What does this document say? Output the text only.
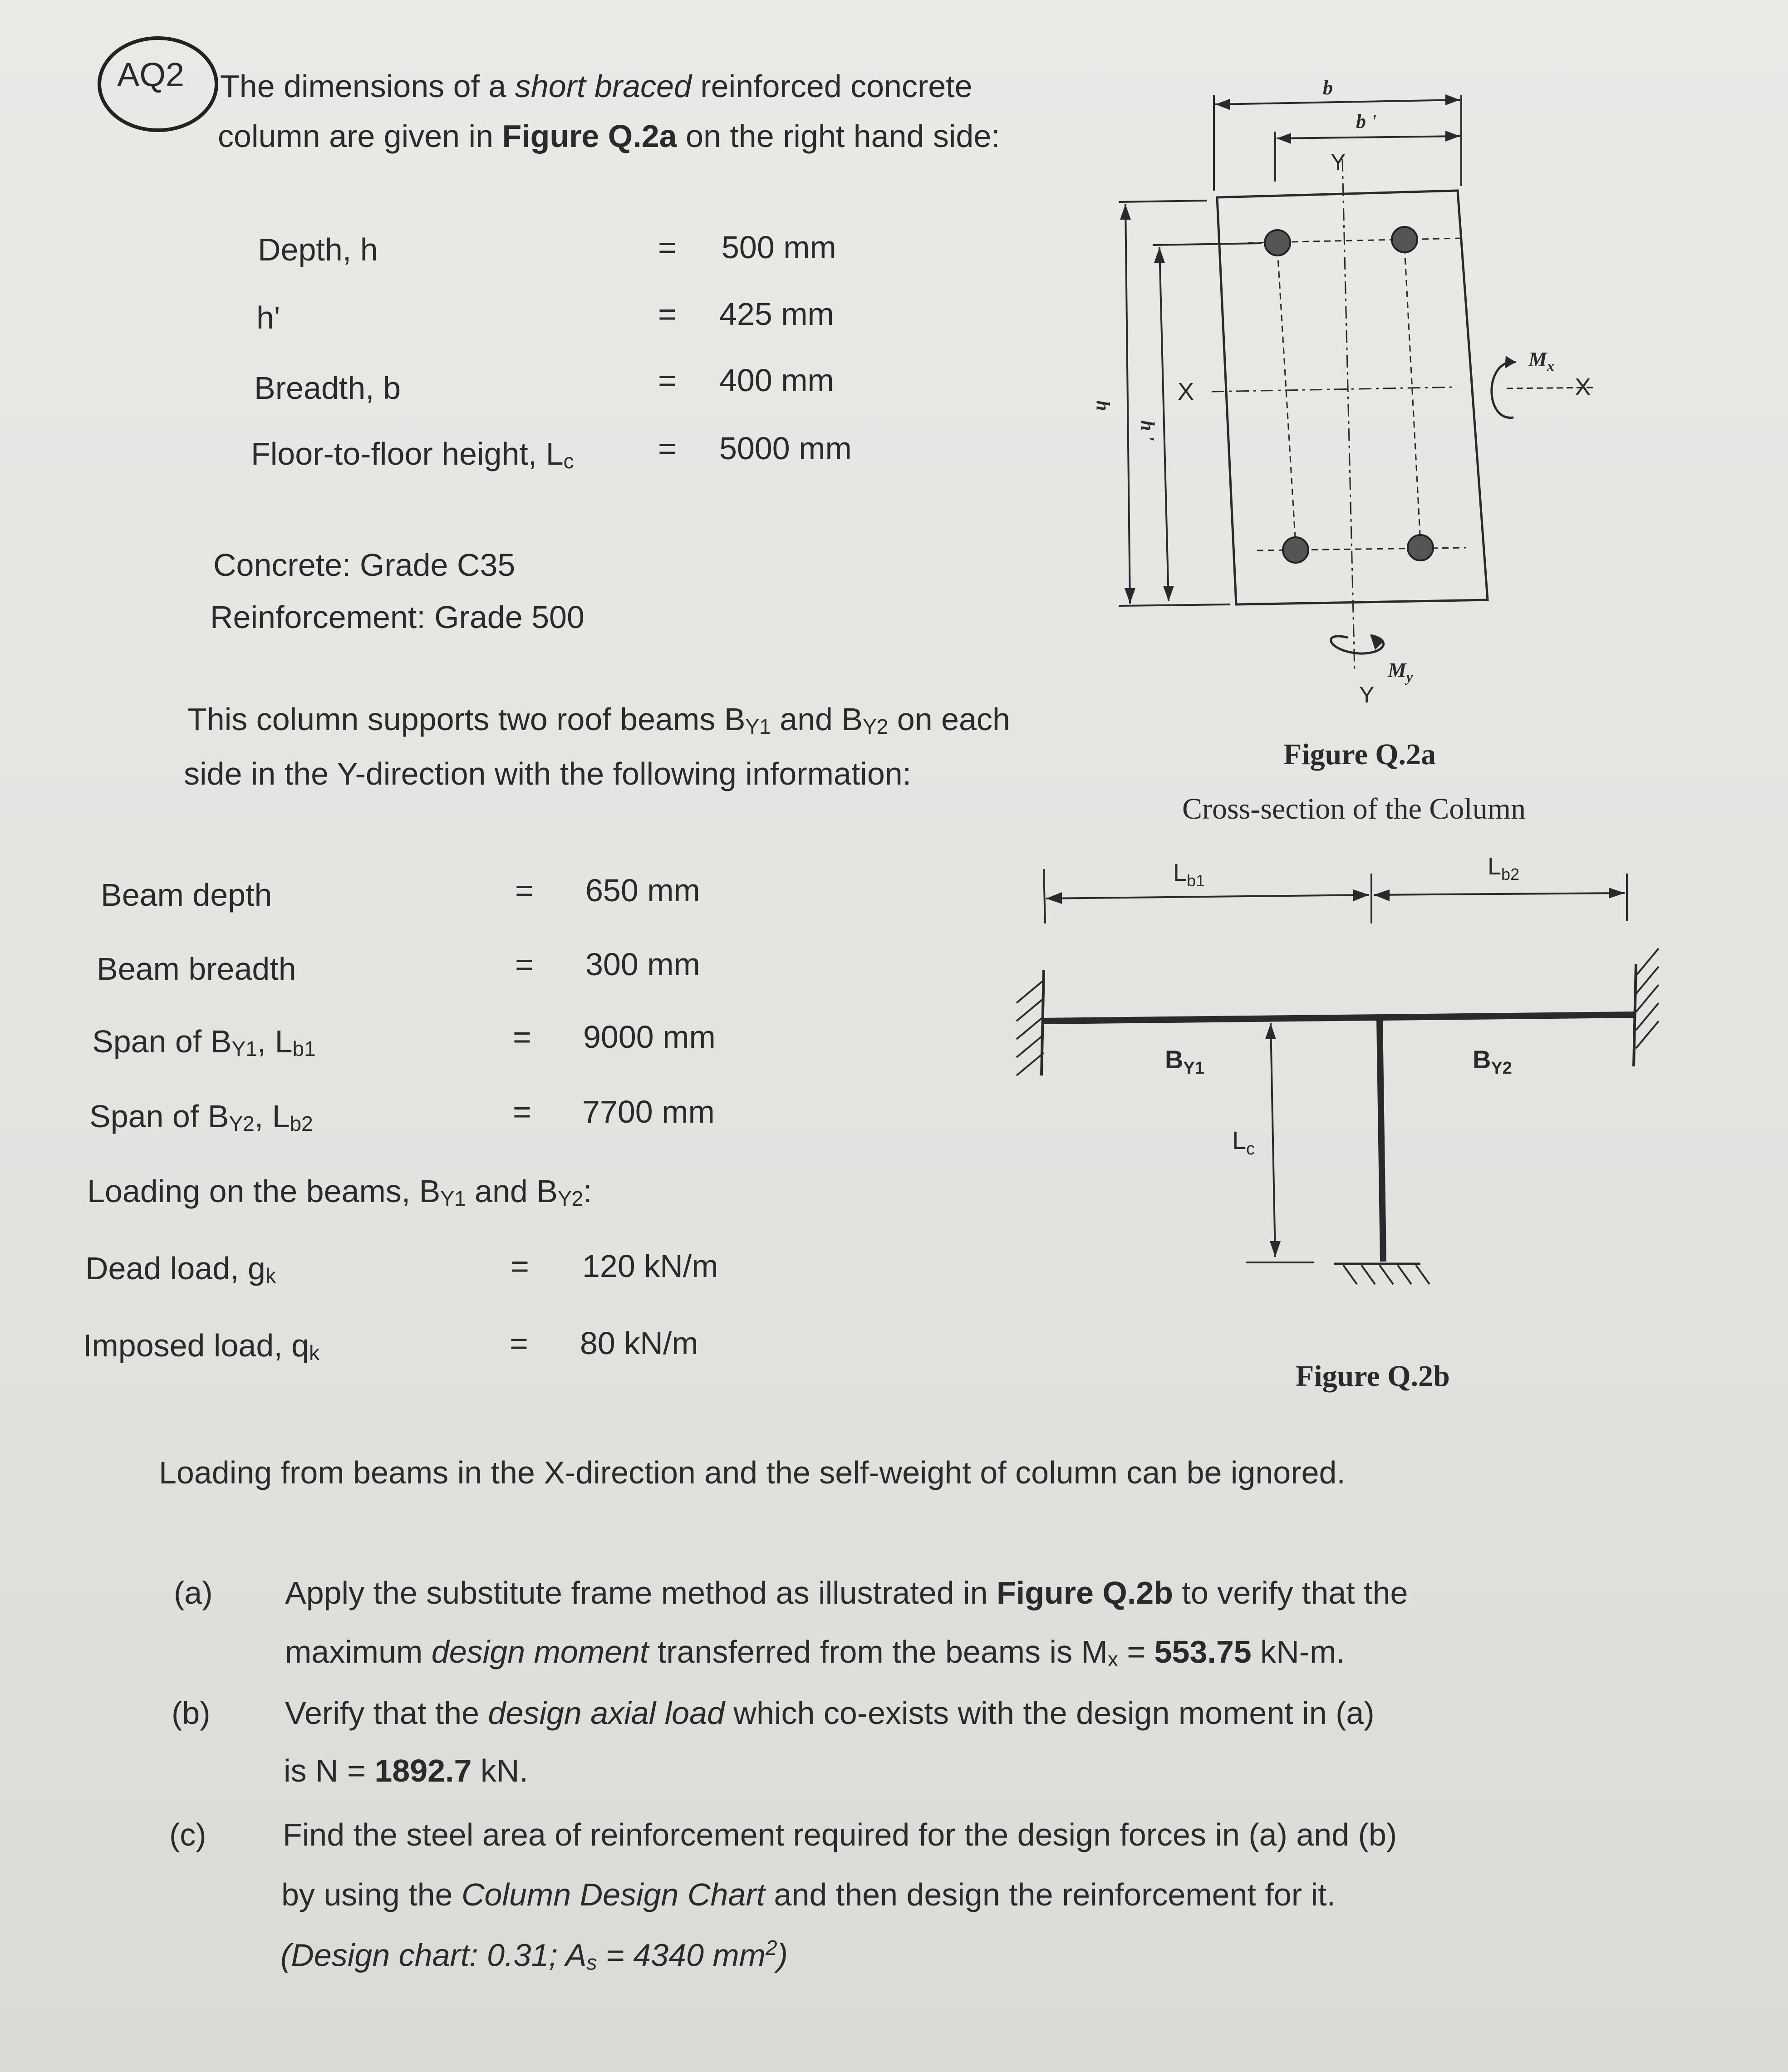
AQ2 The dimensions of a short braced reinforced concrete
column are given in Figure Q.2a on the right hand side:
Depth, h	= 500 mm
h'	= 425 mm
Breadth, b	= 400 mm
Floor-to-floor height, $L_c$	= 5000 mm
Concrete: Grade C35
Reinforcement: Grade 500
This column supports two roof beams $B_{Y1}$ and $B_{Y2}$ on each
side in the Y-direction with the following information:
Beam depth	= 650 mm
Beam breadth	= 300 mm
Span of $B_{Y1}$, $L_{b1}$	= 9000 mm
Span of $B_{Y2}$, $L_{b2}$	= 7700 mm
Loading on the beams, $B_{Y1}$ and $B_{Y2}$:
Dead load, $g_k$	= 120 kN/m
Imposed load, $q_k$	= 80 kN/m
b
b '
Y
X	X
h
h '
$M_x$
$M_y$
Y
Figure Q.2a
Cross-section of the Column
$L_{b1}$
$L_{b2}$
$B_{Y1}$	$B_{Y2}$
$L_c$
Figure Q.2b
Loading from beams in the X-direction and the self-weight of column can be ignored.
(a) Apply the substitute frame method as illustrated in Figure Q.2b to verify that the
maximum design moment transferred from the beams is $M_x = 553.75$ kN-m.
(b) Verify that the design axial load which co-exists with the design moment in (a)
is N = 1892.7 kN.
(c) Find the steel area of reinforcement required for the design forces in (a) and (b)
by using the Column Design Chart and then design the reinforcement for it.
(Design chart: 0.31; $A_s = 4340$ $mm^2$)
